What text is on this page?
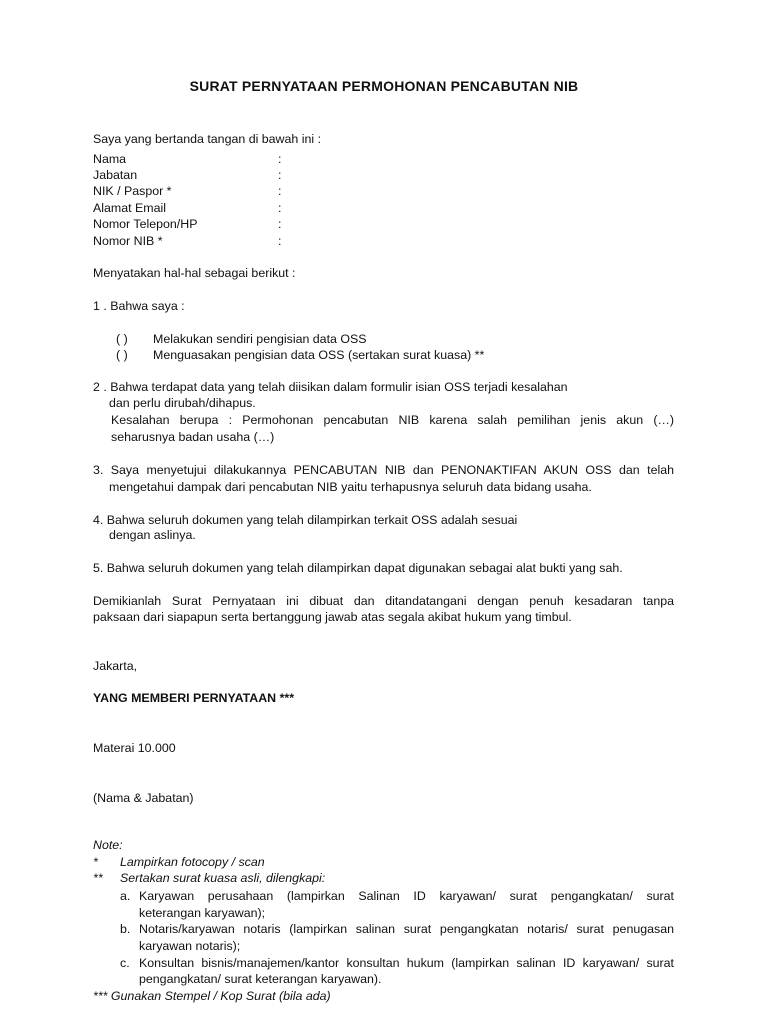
SURAT PERNYATAAN PERMOHONAN PENCABUTAN NIB
Saya yang bertanda tangan di bawah ini :
Nama	:
Jabatan	:
NIK / Paspor *	:
Alamat Email	:
Nomor Telepon/HP	:
Nomor NIB *	:
Menyatakan hal-hal sebagai berikut :
1 . Bahwa saya :
( ) Melakukan sendiri pengisian data OSS
( ) Menguasakan pengisian data OSS (sertakan surat kuasa) **
2 . Bahwa terdapat data yang telah diisikan dalam formulir isian OSS terjadi kesalahan
dan perlu dirubah/dihapus.
Kesalahan berupa : Permohonan pencabutan NIB karena salah pemilihan jenis akun (…)
seharusnya badan usaha (…)
3. Saya menyetujui dilakukannya PENCABUTAN NIB dan PENONAKTIFAN AKUN OSS dan telah
mengetahui dampak dari pencabutan NIB yaitu terhapusnya seluruh data bidang usaha.
4. Bahwa seluruh dokumen yang telah dilampirkan terkait OSS adalah sesuai
dengan aslinya.
5. Bahwa seluruh dokumen yang telah dilampirkan dapat digunakan sebagai alat bukti yang sah.
Demikianlah Surat Pernyataan ini dibuat dan ditandatangani dengan penuh kesadaran tanpa
paksaan dari siapapun serta bertanggung jawab atas segala akibat hukum yang timbul.
Jakarta,
YANG MEMBERI PERNYATAAN ***
Materai 10.000
(Nama & Jabatan)
Note:
* Lampirkan fotocopy / scan
** Sertakan surat kuasa asli, dilengkapi:
a. Karyawan perusahaan (lampirkan Salinan ID karyawan/ surat pengangkatan/ surat
keterangan karyawan);
b. Notaris/karyawan notaris (lampirkan salinan surat pengangkatan notaris/ surat penugasan
karyawan notaris);
c. Konsultan bisnis/manajemen/kantor konsultan hukum (lampirkan salinan ID karyawan/ surat
pengangkatan/ surat keterangan karyawan).
*** Gunakan Stempel / Kop Surat (bila ada)
